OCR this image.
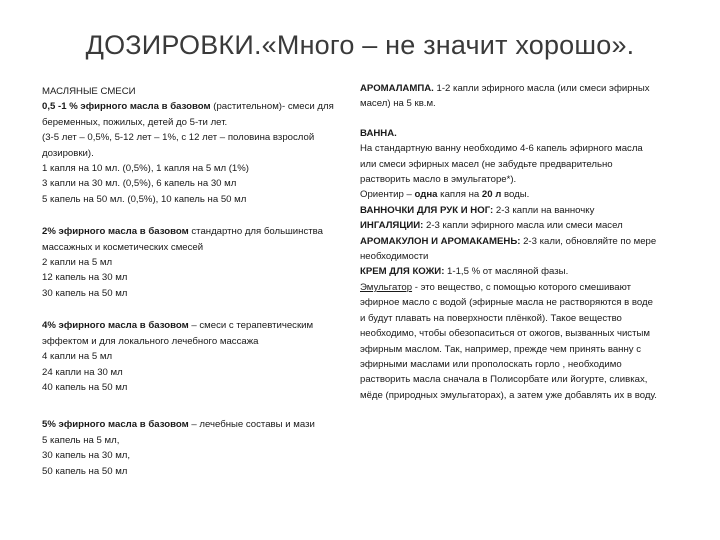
ДОЗИРОВКИ.«Много – не значит хорошо».

МАСЛЯНЫЕ СМЕСИ

0,5 -1 % эфирного масла в базовом (растительном)- смеси для беременных, пожилых, детей до 5-ти лет.

(3-5 лет – 0,5%, 5-12 лет – 1%, с 12 лет – половина взрослой дозировки).

1 капля на 10 мл. (0,5%), 1 капля на 5 мл (1%)

3 капли на 30 мл. (0,5%), 6 капель на 30 мл

5 капель на 50 мл. (0,5%), 10 капель на 50 мл

2% эфирного масла в базовом стандартно для большинства массажных и косметических смесей

2 капли на 5 мл

12 капель на 30 мл

30 капель на 50 мл

4% эфирного масла в базовом – смеси с терапевтическим эффектом и для локального лечебного массажа

4 капли на 5 мл

24 капли на 30 мл

40 капель на 50 мл

5% эфирного масла в базовом – лечебные составы и мази

5 капель на 5 мл,

30 капель на 30 мл,

50 капель на 50 мл

АРОМАЛАМПА. 1-2 капли эфирного масла (или смеси эфирных масел) на 5 кв.м.

ВАННА.

На стандартную ванну необходимо 4-6 капель эфирного масла или смеси эфирных масел (не забудьте предварительно растворить масло в эмульгаторе*).

Ориентир – одна капля на 20 л воды.

ВАННОЧКИ ДЛЯ РУК И НОГ: 2-3 капли на ванночку

ИНГАЛЯЦИИ: 2-3 капли эфирного масла или смеси масел

АРОМАКУЛОН И АРОМАКАМЕНЬ: 2-3 кали, обновляйте по мере необходимости

КРЕМ ДЛЯ КОЖИ: 1-1,5 % от масляной фазы.

Эмульгатор - это вещество, с помощью которого смешивают эфирное масло с водой (эфирные масла не растворяются в воде и будут плавать на поверхности плёнкой). Такое вещество необходимо, чтобы обезопаситься от ожогов, вызванных чистым эфирным маслом. Так, например, прежде чем принять ванну с эфирными маслами или прополоскать горло , необходимо растворить масла сначала в Полисорбате или йогурте, сливках, мёде (природных эмульгаторах), а затем уже добавлять их в воду.
